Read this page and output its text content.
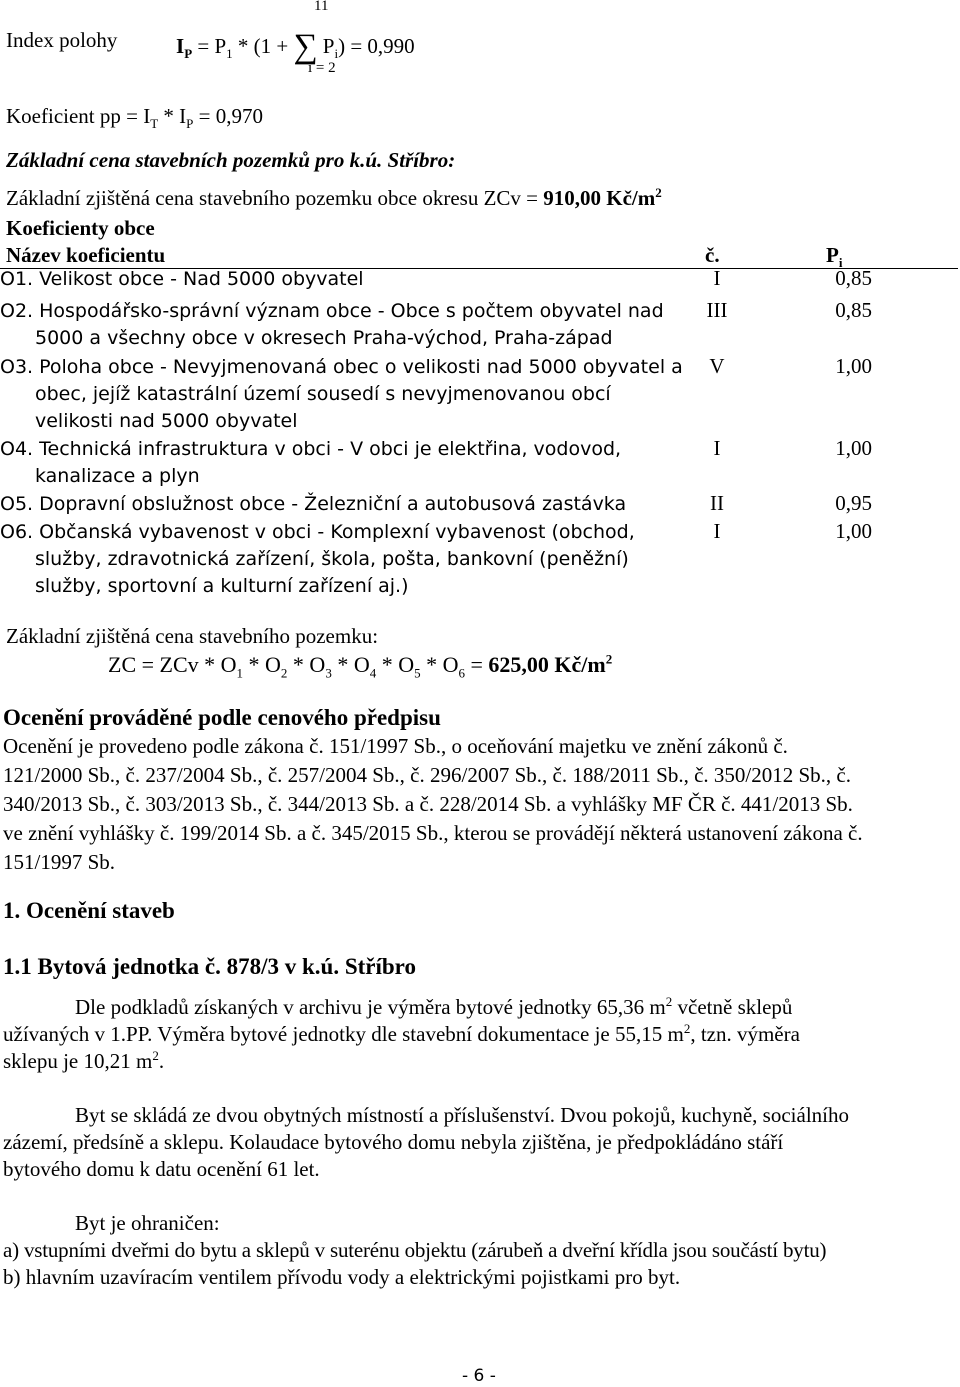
11
Index polohy	$I_P = P_1 * (1$ + ∑ $P_i) = 0,990$
i = 2
Koeficient pp = $I_T * I_P = 0,970$
Základní cena stavebních pozemků pro k.ú. Stříbro:
Základní zjištěná cena stavebního pozemku obce okresu ZCv = 910,00 $Kč/m^2$
Koeficienty obce
Název koeficientu	č.	$P_i$
O1. Velikost obce - Nad 5000 obyvatel	I	0,85
O2. Hospodářsko-správní význam obce - Obce s počtem obyvatel nad
5000 a všechny obce v okresech Praha-východ, Praha-západ
III	0,85
O3. Poloha obce - Nevyjmenovaná obec o velikosti nad 5000 obyvatel a
obec, jejíž katastrální území sousedí s nevyjmenovanou obcí
velikosti nad 5000 obyvatel
V	1,00
O4. Technická infrastruktura v obci - V obci je elektřina, vodovod,
kanalizace a plyn
I	1,00
O5. Dopravní obslužnost obce - Železniční a autobusová zastávka	II	0,95
O6. Občanská vybavenost v obci - Komplexní vybavenost (obchod,
služby, zdravotnická zařízení, škola, pošta, bankovní (peněžní)
služby, sportovní a kulturní zařízení aj.)
I	1,00
Základní zjištěná cena stavebního pozemku:
ZC = ZCv * $O_1 * O_2 * O_3 * O_4 * O_5 * O_6 = 625,00$ $Kč/m^2$
Ocenění prováděné podle cenového předpisu
Ocenění je provedeno podle zákona č. 151/1997 Sb., o oceňování majetku ve znění zákonů č.
121/2000 Sb., č. 237/2004 Sb., č. 257/2004 Sb., č. 296/2007 Sb., č. 188/2011 Sb., č. 350/2012 Sb., č.
340/2013 Sb., č. 303/2013 Sb., č. 344/2013 Sb. a č. 228/2014 Sb. a vyhlášky MF ČR č. 441/2013 Sb.
ve znění vyhlášky č. 199/2014 Sb. a č. 345/2015 Sb., kterou se provádějí některá ustanovení zákona č.
151/1997 Sb.
1. Ocenění staveb
1.1 Bytová jednotka č. 878/3 v k.ú. Stříbro
Dle podkladů získaných v archivu je výměra bytové jednotky 65,36 $m^2$ včetně sklepů
užívaných v 1.PP. Výměra bytové jednotky dle stavební dokumentace je 55,15 $m^2$, tzn. výměra
sklepu je 10,21 $m^2$.
Byt se skládá ze dvou obytných místností a příslušenství. Dvou pokojů, kuchyně, sociálního
zázemí, předsíně a sklepu. Kolaudace bytového domu nebyla zjištěna, je předpokládáno stáří
bytového domu k datu ocenění 61 let.
Byt je ohraničen:
a) vstupními dveřmi do bytu a sklepů v suterénu objektu (zárubeň a dveřní křídla jsou součástí bytu)
b) hlavním uzavíracím ventilem přívodu vody a elektrickými pojistkami pro byt.
- 6 -
